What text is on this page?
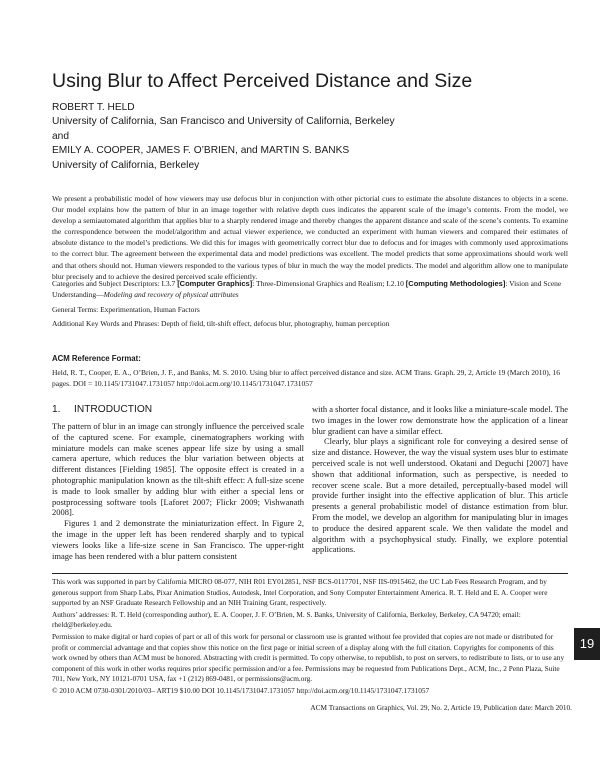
Using Blur to Affect Perceived Distance and Size
ROBERT T. HELD
University of California, San Francisco and University of California, Berkeley
and
EMILY A. COOPER, JAMES F. O’BRIEN, and MARTIN S. BANKS
University of California, Berkeley
We present a probabilistic model of how viewers may use defocus blur in conjunction with other pictorial cues to estimate the absolute distances to objects in a scene. Our model explains how the pattern of blur in an image together with relative depth cues indicates the apparent scale of the image’s contents. From the model, we develop a semiautomated algorithm that applies blur to a sharply rendered image and thereby changes the apparent distance and scale of the scene’s contents. To examine the correspondence between the model/algorithm and actual viewer experience, we conducted an experiment with human viewers and compared their estimates of absolute distance to the model’s predictions. We did this for images with geometrically correct blur due to defocus and for images with commonly used approximations to the correct blur. The agreement between the experimental data and model predictions was excellent. The model predicts that some approximations should work well and that others should not. Human viewers responded to the various types of blur in much the way the model predicts. The model and algorithm allow one to manipulate blur precisely and to achieve the desired perceived scale efficiently.

Categories and Subject Descriptors: I.3.7 [Computer Graphics]: Three-Dimensional Graphics and Realism; I.2.10 [Computing Methodologies]: Vision and Scene Understanding—Modeling and recovery of physical attributes

General Terms: Experimentation, Human Factors

Additional Key Words and Phrases: Depth of field, tilt-shift effect, defocus blur, photography, human perception

ACM Reference Format:
Held, R. T., Cooper, E. A., O’Brien, J. F., and Banks, M. S. 2010. Using blur to affect perceived distance and size. ACM Trans. Graph. 29, 2, Article 19 (March 2010), 16 pages. DOI = 10.1145/1731047.1731057 http://doi.acm.org/10.1145/1731047.1731057
1. INTRODUCTION

The pattern of blur in an image can strongly influence the perceived scale of the captured scene. For example, cinematographers working with miniature models can make scenes appear life size by using a small camera aperture, which reduces the blur variation between objects at different distances [Fielding 1985]. The opposite effect is created in a photographic manipulation known as the tilt-shift effect: A full-size scene is made to look smaller by adding blur with either a special lens or postprocessing software tools [Laforet 2007; Flickr 2009; Vishwanath 2008].

Figures 1 and 2 demonstrate the miniaturization effect. In Figure 2, the image in the upper left has been rendered sharply and to typical viewers looks like a life-size scene in San Francisco. The upper-right image has been rendered with a blur pattern consistent

with a shorter focal distance, and it looks like a miniature-scale model. The two images in the lower row demonstrate how the application of a linear blur gradient can have a similar effect.

Clearly, blur plays a significant role for conveying a desired sense of size and distance. However, the way the visual system uses blur to estimate perceived scale is not well understood. Okatani and Deguchi [2007] have shown that additional information, such as perspective, is needed to recover scene scale. But a more detailed, perceptually-based model will provide further insight into the effective application of blur. This article presents a general probabilistic model of distance estimation from blur. From the model, we develop an algorithm for manipulating blur in images to produce the desired apparent scale. We then validate the model and algorithm with a psychophysical study. Finally, we explore potential applications.

This work was supported in part by California MICRO 08-077, NIH R01 EY012851, NSF BCS-0117701, NSF IIS-0915462, the UC Lab Fees Research Program, and by generous support from Sharp Labs, Pixar Animation Studios, Autodesk, Intel Corporation, and Sony Computer Entertainment America. R. T. Held and E. A. Cooper were supported by an NSF Graduate Research Fellowship and an NIH Training Grant, respectively.

Authors’ addresses: R. T. Held (corresponding author), E. A. Cooper, J. F. O’Brien, M. S. Banks, University of California, Berkeley, Berkeley, CA 94720; email: rheld@berkeley.edu.

Permission to make digital or hard copies of part or all of this work for personal or classroom use is granted without fee provided that copies are not made or distributed for profit or commercial advantage and that copies show this notice on the first page or initial screen of a display along with the full citation. Copyrights for components of this work owned by others than ACM must be honored. Abstracting with credit is permitted. To copy otherwise, to republish, to post on servers, to redistribute to lists, or to use any component of this work in other works requires prior specific permission and/or a fee. Permissions may be requested from Publications Dept., ACM, Inc., 2 Penn Plaza, Suite 701, New York, NY 10121-0701 USA, fax +1 (212) 869-0481, or permissions@acm.org.

© 2010 ACM 0730-0301/2010/03– ART19 $10.00 DOI 10.1145/1731047.1731057 http://doi.acm.org/10.1145/1731047.1731057

19
ACM Transactions on Graphics, Vol. 29, No. 2, Article 19, Publication date: March 2010.
